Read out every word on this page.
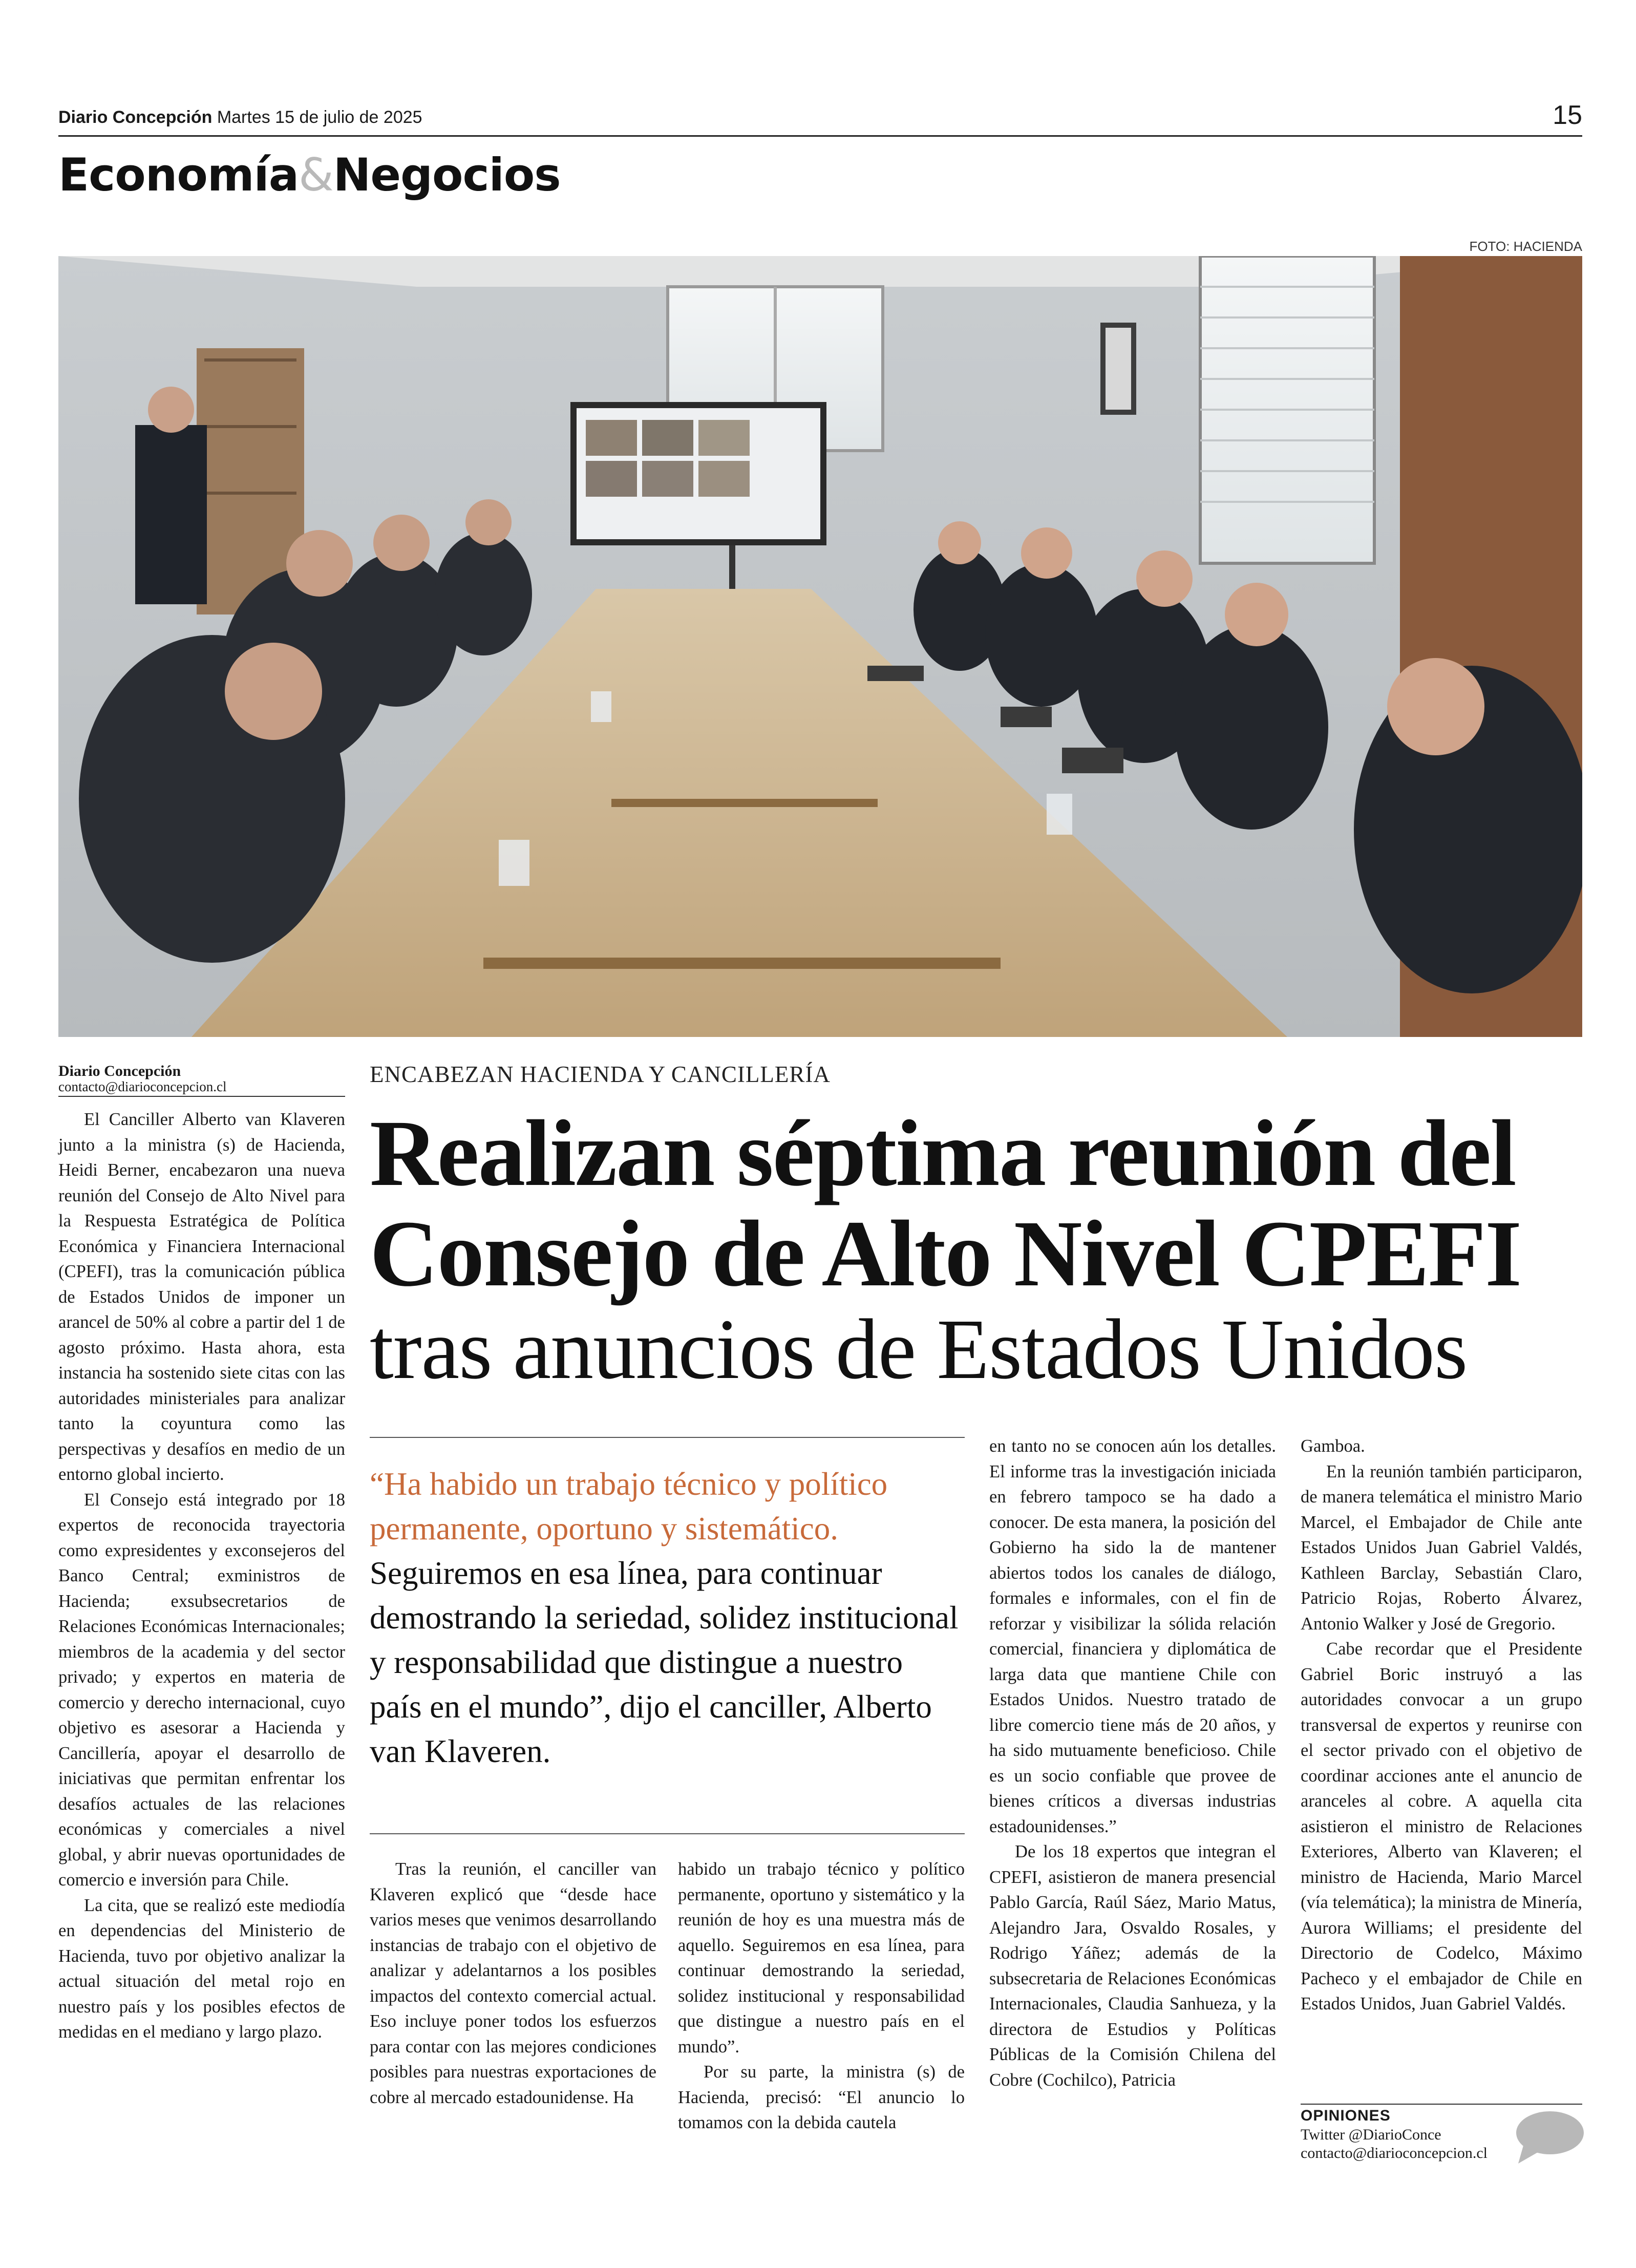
Diario Concepción Martes 15 de julio de 2025	15
Economía&Negocios
FOTO: HACIENDA
Diario Concepción
contacto@diarioconcepcion.cl

El Canciller Alberto van Klaveren junto a la ministra (s) de Hacienda, Heidi Berner, encabezaron una nueva reunión del Consejo de Alto Nivel para la Respuesta Estratégica de Política Económica y Financiera Internacional (CPEFI), tras la comunicación pública de Estados Unidos de imponer un arancel de 50% al cobre a partir del 1 de agosto próximo. Hasta ahora, esta instancia ha sostenido siete citas con las autoridades ministeriales para analizar tanto la coyuntura como las perspectivas y desafíos en medio de un entorno global incierto.

El Consejo está integrado por 18 expertos de reconocida trayectoria como expresidentes y exconsejeros del Banco Central; exministros de Hacienda; exsubsecretarios de Relaciones Económicas Internacionales; miembros de la academia y del sector privado; y expertos en materia de comercio y derecho internacional, cuyo objetivo es asesorar a Hacienda y Cancillería, apoyar el desarrollo de iniciativas que permitan enfrentar los desafíos actuales de las relaciones económicas y comerciales a nivel global, y abrir nuevas oportunidades de comercio e inversión para Chile.

La cita, que se realizó este mediodía en dependencias del Ministerio de Hacienda, tuvo por objetivo analizar la actual situación del metal rojo en nuestro país y los posibles efectos de medidas en el mediano y largo plazo.

ENCABEZAN HACIENDA Y CANCILLERÍA
Realizan séptima reunión del
Consejo de Alto Nivel CPEFI
tras anuncios de Estados Unidos
“Ha habido un trabajo técnico y político permanente, oportuno y sistemático. Seguiremos en esa línea, para continuar demostrando la seriedad, solidez institucional y responsabilidad que distingue a nuestro país en el mundo”, dijo el canciller, Alberto van Klaveren.

Tras la reunión, el canciller van Klaveren explicó que “desde hace varios meses que venimos desarrollando instancias de trabajo con el objetivo de analizar y adelantarnos a los posibles impactos del contexto comercial actual. Eso incluye poner todos los esfuerzos para contar con las mejores condiciones posibles para nuestras exportaciones de cobre al mercado estadounidense. Ha

habido un trabajo técnico y político permanente, oportuno y sistemático y la reunión de hoy es una muestra más de aquello. Seguiremos en esa línea, para continuar demostrando la seriedad, solidez institucional y responsabilidad que distingue a nuestro país en el mundo”.

Por su parte, la ministra (s) de Hacienda, precisó: “El anuncio lo tomamos con la debida cautela

en tanto no se conocen aún los detalles. El informe tras la investigación iniciada en febrero tampoco se ha dado a conocer. De esta manera, la posición del Gobierno ha sido la de mantener abiertos todos los canales de diálogo, formales e informales, con el fin de reforzar y visibilizar la sólida relación comercial, financiera y diplomática de larga data que mantiene Chile con Estados Unidos. Nuestro tratado de libre comercio tiene más de 20 años, y ha sido mutuamente beneficioso. Chile es un socio confiable que provee de bienes críticos a diversas industrias estadounidenses.”

De los 18 expertos que integran el CPEFI, asistieron de manera presencial Pablo García, Raúl Sáez, Mario Matus, Alejandro Jara, Osvaldo Rosales, y Rodrigo Yáñez; además de la subsecretaria de Relaciones Económicas Internacionales, Claudia Sanhueza, y la directora de Estudios y Políticas Públicas de la Comisión Chilena del Cobre (Cochilco), Patricia

Gamboa.

En la reunión también participaron, de manera telemática el ministro Mario Marcel, el Embajador de Chile ante Estados Unidos Juan Gabriel Valdés, Kathleen Barclay, Sebastián Claro, Patricio Rojas, Roberto Álvarez, Antonio Walker y José de Gregorio.

Cabe recordar que el Presidente Gabriel Boric instruyó a las autoridades convocar a un grupo transversal de expertos y reunirse con el sector privado con el objetivo de coordinar acciones ante el anuncio de aranceles al cobre. A aquella cita asistieron el ministro de Relaciones Exteriores, Alberto van Klaveren; el ministro de Hacienda, Mario Marcel (vía telemática); la ministra de Minería, Aurora Williams; el presidente del Directorio de Codelco, Máximo Pacheco y el embajador de Chile en Estados Unidos, Juan Gabriel Valdés.

OPINIONES
Twitter @DiarioConce
contacto@diarioconcepcion.cl
